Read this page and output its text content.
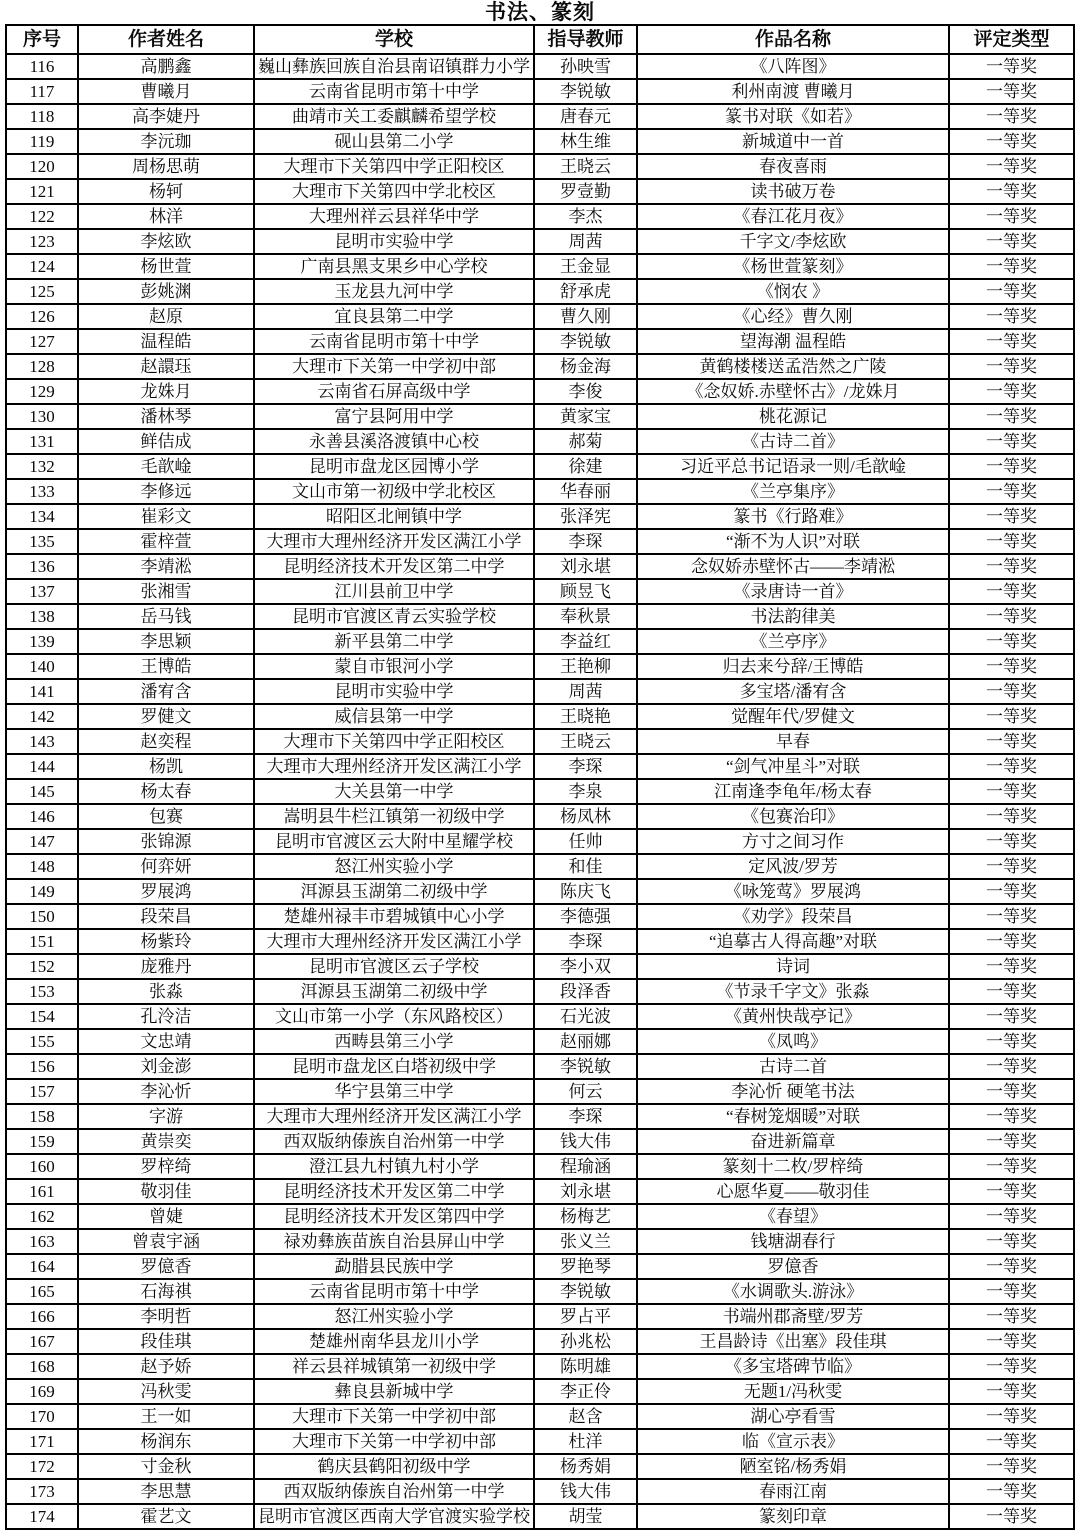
书法、篆刻
序号	作者姓名	学校	指导教师	作品名称	评定类型
116	高鹏鑫	巍山彝族回族自治县南诏镇群力小学	孙映雪	《八阵图》	一等奖
117	曹曦月	云南省昆明市第十中学	李锐敏	利州南渡 曹曦月	一等奖
118	高李婕丹	曲靖市关工委麒麟希望学校	唐春元	篆书对联《如若》	一等奖
119	李沅珈	砚山县第二小学	林生维	新城道中一首	一等奖
120	周杨思萌	大理市下关第四中学正阳校区	王晓云	春夜喜雨	一等奖
121	杨轲	大理市下关第四中学北校区	罗壹勤	读书破万卷	一等奖
122	林洋	大理州祥云县祥华中学	李杰	《春江花月夜》	一等奖
123	李炫欧	昆明市实验中学	周茜	千字文/李炫欧	一等奖
124	杨世萱	广南县黑支果乡中心学校	王金显	《杨世萱篆刻》	一等奖
125	彭姚渊	玉龙县九河中学	舒承虎	《悯农 》	一等奖
126	赵原	宜良县第二中学	曹久刚	《心经》曹久刚	一等奖
127	温程皓	云南省昆明市第十中学	李锐敏	望海潮 温程皓	一等奖
128	赵譞珏	大理市下关第一中学初中部	杨金海	黄鹤楼楼送孟浩然之广陵	一等奖
129	龙姝月	云南省石屏高级中学	李俊	《念奴娇.赤壁怀古》/龙姝月	一等奖
130	潘林琴	富宁县阿用中学	黄家宝	桃花源记	一等奖
131	鲜佶成	永善县溪洛渡镇中心校	郝菊	《古诗二首》	一等奖
132	毛歆崯	昆明市盘龙区园博小学	徐建	习近平总书记语录一则/毛歆崯	一等奖
133	李修远	文山市第一初级中学北校区	华春丽	《兰亭集序》	一等奖
134	崔彩文	昭阳区北闸镇中学	张泽宪	篆书《行路难》	一等奖
135	霍梓萱	大理市大理州经济开发区满江小学	李琛	“渐不为人识”对联	一等奖
136	李靖淞	昆明经济技术开发区第二中学	刘永堪	念奴娇赤壁怀古——李靖淞	一等奖
137	张湘雪	江川县前卫中学	顾昱飞	《录唐诗一首》	一等奖
138	岳马钱	昆明市官渡区青云实验学校	奉秋景	书法韵律美	一等奖
139	李思颖	新平县第二中学	李益红	《兰亭序》	一等奖
140	王博皓	蒙自市银河小学	王艳柳	归去来兮辞/王博皓	一等奖
141	潘宥含	昆明市实验中学	周茜	多宝塔/潘宥含	一等奖
142	罗健文	威信县第一中学	王晓艳	觉醒年代/罗健文	一等奖
143	赵奕程	大理市下关第四中学正阳校区	王晓云	早春	一等奖
144	杨凯	大理市大理州经济开发区满江小学	李琛	“剑气冲星斗”对联	一等奖
145	杨太春	大关县第一中学	李泉	江南逢李龟年/杨太春	一等奖
146	包赛	嵩明县牛栏江镇第一初级中学	杨凤林	《包赛治印》	一等奖
147	张锦源	昆明市官渡区云大附中星耀学校	任帅	方寸之间习作	一等奖
148	何弈妍	怒江州实验小学	和佳	定风波/罗芳	一等奖
149	罗展鸿	洱源县玉湖第二初级中学	陈庆飞	《咏笼莺》罗展鸿	一等奖
150	段荣昌	楚雄州禄丰市碧城镇中心小学	李德强	《劝学》段荣昌	一等奖
151	杨紫玲	大理市大理州经济开发区满江小学	李琛	“追摹古人得高趣”对联	一等奖
152	庞雅丹	昆明市官渡区云子学校	李小双	诗词	一等奖
153	张淼	洱源县玉湖第二初级中学	段泽香	《节录千字文》张淼	一等奖
154	孔泠洁	文山市第一小学（东风路校区）	石光波	《黄州快哉亭记》	一等奖
155	文忠靖	西畴县第三小学	赵丽娜	《凤鸣》	一等奖
156	刘金澎	昆明市盘龙区白塔初级中学	李锐敏	古诗二首	一等奖
157	李沁忻	华宁县第三中学	何云	李沁忻 硬笔书法	一等奖
158	字游	大理市大理州经济开发区满江小学	李琛	“春树笼烟暖”对联	一等奖
159	黄崇奕	西双版纳傣族自治州第一中学	钱大伟	奋进新篇章	一等奖
160	罗梓绮	澄江县九村镇九村小学	程瑜涵	篆刻十二枚/罗梓绮	一等奖
161	敬羽佳	昆明经济技术开发区第二中学	刘永堪	心愿华夏——敬羽佳	一等奖
162	曾婕	昆明经济技术开发区第四中学	杨梅艺	《春望》	一等奖
163	曾袁宇涵	禄劝彝族苗族自治县屏山中学	张义兰	钱塘湖春行	一等奖
164	罗億香	勐腊县民族中学	罗艳琴	罗億香	一等奖
165	石海祺	云南省昆明市第十中学	李锐敏	《水调歌头.游泳》	一等奖
166	李明哲	怒江州实验小学	罗占平	书端州郡斋壁/罗芳	一等奖
167	段佳琪	楚雄州南华县龙川小学	孙兆松	王昌龄诗《出塞》段佳琪	一等奖
168	赵予娇	祥云县祥城镇第一初级中学	陈明雄	《多宝塔碑节临》	一等奖
169	冯秋雯	彝良县新城中学	李正伶	无题1/冯秋雯	一等奖
170	王一如	大理市下关第一中学初中部	赵含	湖心亭看雪	一等奖
171	杨润东	大理市下关第一中学初中部	杜洋	临《宣示表》	一等奖
172	寸金秋	鹤庆县鹤阳初级中学	杨秀娟	陋室铭/杨秀娟	一等奖
173	李思慧	西双版纳傣族自治州第一中学	钱大伟	春雨江南	一等奖
174	霍艺文	昆明市官渡区西南大学官渡实验学校	胡莹	篆刻印章	一等奖
